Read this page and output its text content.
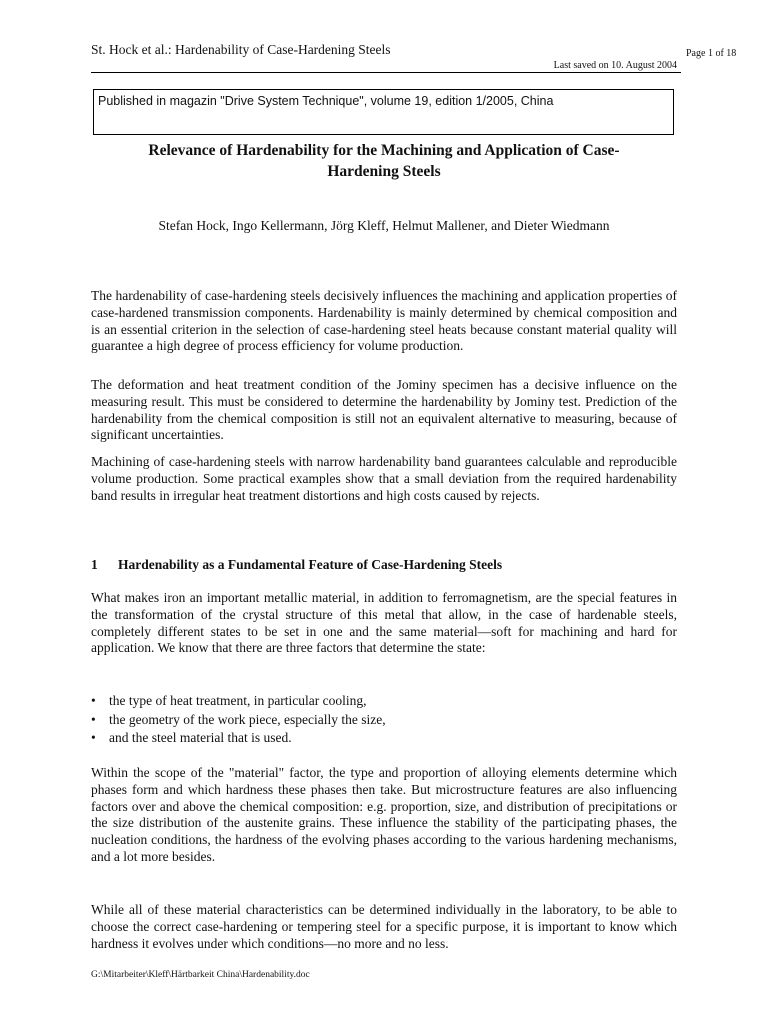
St. Hock et al.: Hardenability of Case-Hardening Steels	Page 1 of 18
Last saved on 10. August 2004
Published in magazin "Drive System Technique", volume 19, edition 1/2005, China
Relevance of Hardenability for the Machining and Application of Case-
Hardening Steels
Stefan Hock, Ingo Kellermann, Jörg Kleff, Helmut Mallener, and Dieter Wiedmann

The hardenability of case-hardening steels decisively influences the machining and application properties of case-hardened transmission components. Hardenability is mainly determined by chemical composition and is an essential criterion in the selection of case-hardening steel heats because constant material quality will guarantee a high degree of process efficiency for volume production.

The deformation and heat treatment condition of the Jominy specimen has a decisive influence on the measuring result. This must be considered to determine the hardenability by Jominy test. Prediction of the hardenability from the chemical composition is still not an equivalent alternative to measuring, because of significant uncertainties.

Machining of case-hardening steels with narrow hardenability band guarantees calculable and reproducible volume production. Some practical examples show that a small deviation from the required hardenability band results in irregular heat treatment distortions and high costs caused by rejects.

1 Hardenability as a Fundamental Feature of Case-Hardening Steels

What makes iron an important metallic material, in addition to ferromagnetism, are the special features in the transformation of the crystal structure of this metal that allow, in the case of hardenable steels, completely different states to be set in one and the same material—soft for machining and hard for application. We know that there are three factors that determine the state:

• the type of heat treatment, in particular cooling,
• the geometry of the work piece, especially the size,
• and the steel material that is used.

Within the scope of the "material" factor, the type and proportion of alloying elements determine which phases form and which hardness these phases then take. But microstructure features are also influencing factors over and above the chemical composition: e.g. proportion, size, and distribution of precipitations or the size distribution of the austenite grains. These influence the stability of the participating phases, the nucleation conditions, the hardness of the evolving phases according to the various hardening mechanisms, and a lot more besides.

While all of these material characteristics can be determined individually in the laboratory, to be able to choose the correct case-hardening or tempering steel for a specific purpose, it is important to know which hardness it evolves under which conditions—no more and no less.

G:\Mitarbeiter\Kleff\Härtbarkeit China\Hardenability.doc
